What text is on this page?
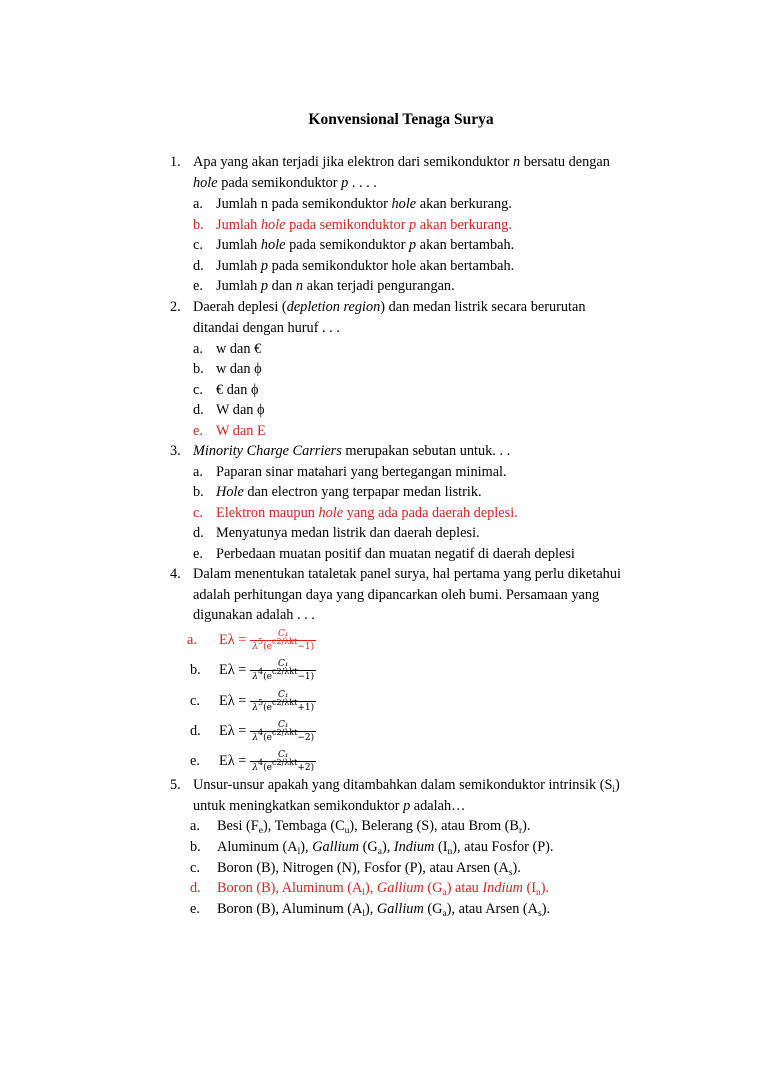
Konvensional Tenaga Surya
1. Apa yang akan terjadi jika elektron dari semikonduktor n bersatu dengan
hole pada semikonduktor p . . . .
a. Jumlah n pada semikonduktor hole akan berkurang.
b. Jumlah hole pada semikonduktor p akan berkurang.
c. Jumlah hole pada semikonduktor p akan bertambah.
d. Jumlah p pada semikonduktor hole akan bertambah.
e. Jumlah p dan n akan terjadi pengurangan.
2. Daerah deplesi (depletion region) dan medan listrik secara berurutan
ditandai dengan huruf . . .
a. w dan €
b. w dan ϕ
c. € dan ϕ
d. W dan ϕ
e. W dan E
3. Minority Charge Carriers merupakan sebutan untuk. . .
a. Paparan sinar matahari yang bertegangan minimal.
b. Hole dan electron yang terpapar medan listrik.
c. Elektron maupun hole yang ada pada daerah deplesi.
d. Menyatunya medan listrik dan daerah deplesi.
e. Perbedaan muatan positif dan muatan negatif di daerah deplesi
4. Dalam menentukan tataletak panel surya, hal pertama yang perlu diketahui
adalah perhitungan daya yang dipancarkan oleh bumi. Persamaan yang
digunakan adalah . . .
a. $E\lambda = \frac{\text{C₁}}{\lambda^5(e^{c2/\lambda kt}-1)}$
b. $E\lambda = \frac{\text{C₁}}{\lambda^4(e^{c2/\lambda kt}-1)}$
c. $E\lambda = \frac{\text{C₁}}{\lambda^5(e^{c2/\lambda kt}+1)}$
d. $E\lambda = \frac{\text{C₁}}{\lambda^4(e^{c2/\lambda kt}-2)}$
e. $E\lambda = \frac{\text{C₁}}{\lambda^4(e^{c2/\lambda kt}+2)}$
5. Unsur-unsur apakah yang ditambahkan dalam semikonduktor intrinsik $(S_i)$
untuk meningkatkan semikonduktor p adalah…
a. Besi $(F_e)$, Tembaga $(C_u)$, Belerang (S), atau Brom $(B_r)$.
b. Aluminum $(A_l)$, Gallium $(G_a)$, Indium $(I_n)$, atau Fosfor (P).
c. Boron (B), Nitrogen (N), Fosfor (P), atau Arsen $(A_s)$.
d. Boron (B), Aluminum $(A_l)$, Gallium $(G_a)$ atau Indium $(I_n)$.
e. Boron (B), Aluminum $(A_l)$, Gallium $(G_a)$, atau Arsen $(A_s)$.
